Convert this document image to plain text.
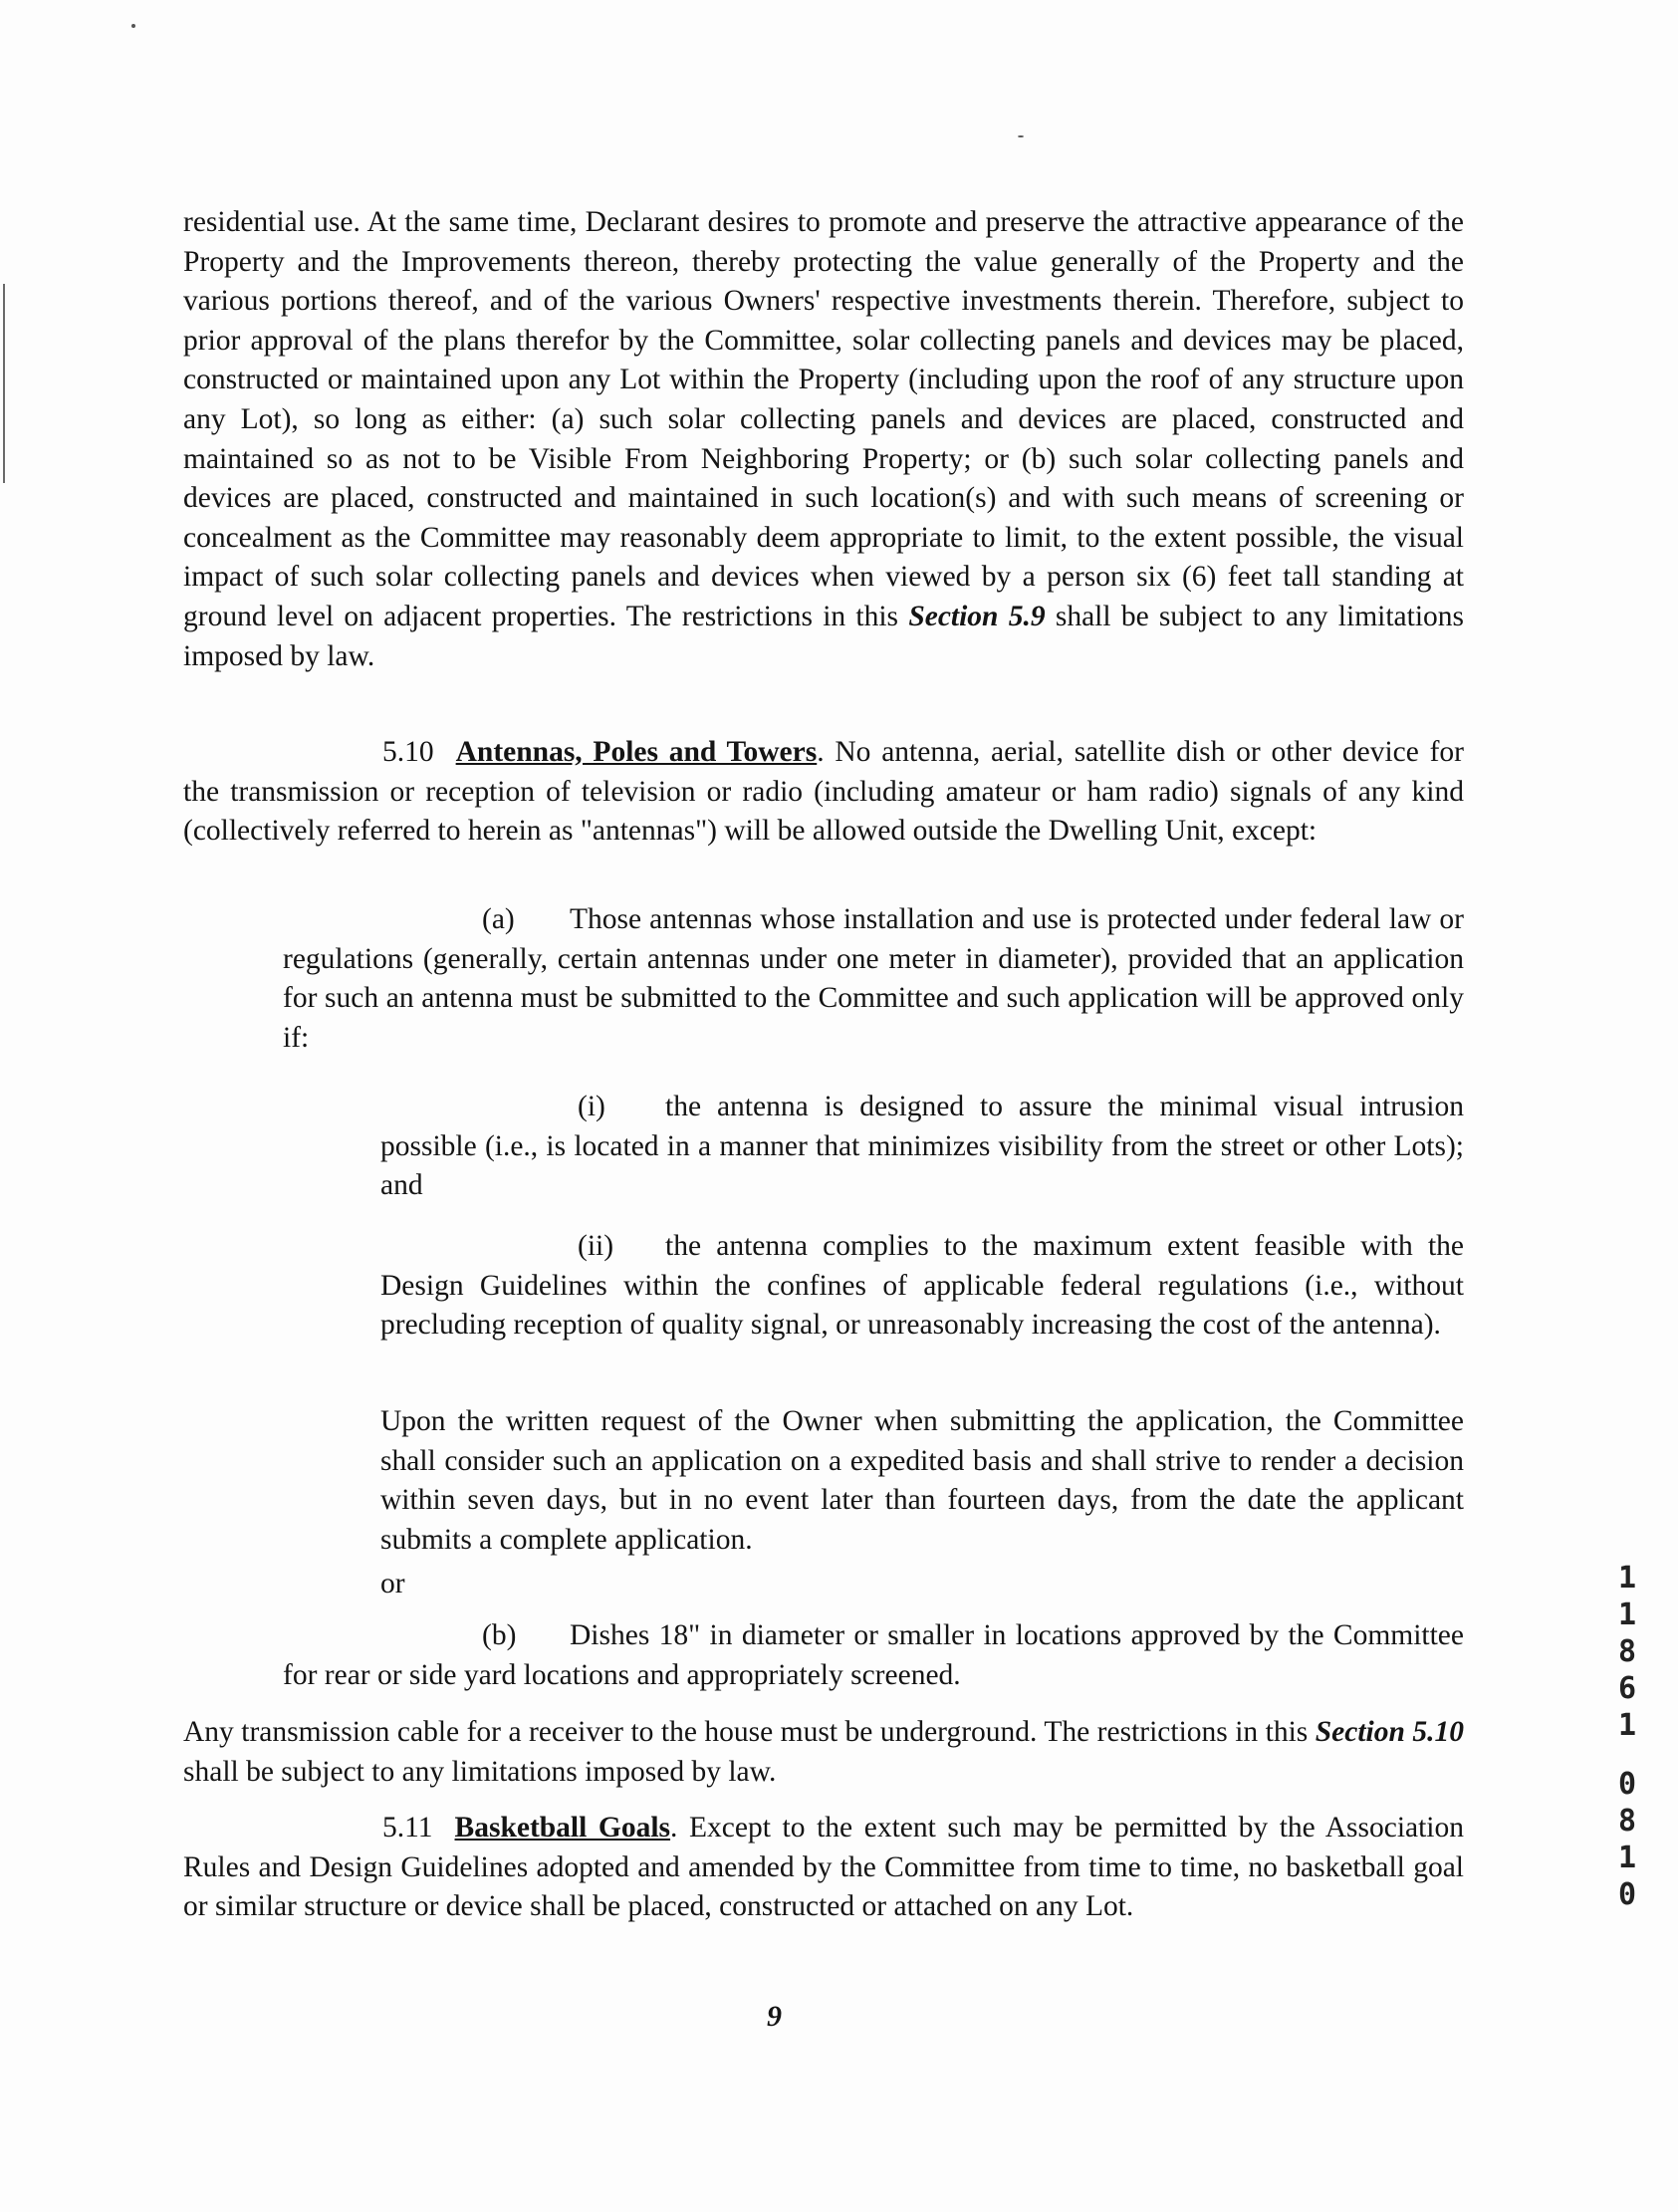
residential use. At the same time, Declarant desires to promote and preserve the attractive appearance of the Property and the Improvements thereon, thereby protecting the value generally of the Property and the various portions thereof, and of the various Owners' respective investments therein. Therefore, subject to prior approval of the plans therefor by the Committee, solar collecting panels and devices may be placed, constructed or maintained upon any Lot within the Property (including upon the roof of any structure upon any Lot), so long as either: (a) such solar collecting panels and devices are placed, constructed and maintained so as not to be Visible From Neighboring Property; or (b) such solar collecting panels and devices are placed, constructed and maintained in such location(s) and with such means of screening or concealment as the Committee may reasonably deem appropriate to limit, to the extent possible, the visual impact of such solar collecting panels and devices when viewed by a person six (6) feet tall standing at ground level on adjacent properties. The restrictions in this Section 5.9 shall be subject to any limitations imposed by law.

5.10 Antennas, Poles and Towers. No antenna, aerial, satellite dish or other device for the transmission or reception of television or radio (including amateur or ham radio) signals of any kind (collectively referred to herein as "antennas") will be allowed outside the Dwelling Unit, except:

(a) Those antennas whose installation and use is protected under federal law or regulations (generally, certain antennas under one meter in diameter), provided that an application for such an antenna must be submitted to the Committee and such application will be approved only if:

(i) the antenna is designed to assure the minimal visual intrusion possible (i.e., is located in a manner that minimizes visibility from the street or other Lots); and

(ii) the antenna complies to the maximum extent feasible with the Design Guidelines within the confines of applicable federal regulations (i.e., without precluding reception of quality signal, or unreasonably increasing the cost of the antenna).

Upon the written request of the Owner when submitting the application, the Committee shall consider such an application on a expedited basis and shall strive to render a decision within seven days, but in no event later than fourteen days, from the date the applicant submits a complete application.

or

(b) Dishes 18" in diameter or smaller in locations approved by the Committee for rear or side yard locations and appropriately screened.

Any transmission cable for a receiver to the house must be underground. The restrictions in this Section 5.10 shall be subject to any limitations imposed by law.

5.11 Basketball Goals. Except to the extent such may be permitted by the Association Rules and Design Guidelines adopted and amended by the Committee from time to time, no basketball goal or similar structure or device shall be placed, constructed or attached on any Lot.

9
1
1
8
6
1
0
8
1
0
